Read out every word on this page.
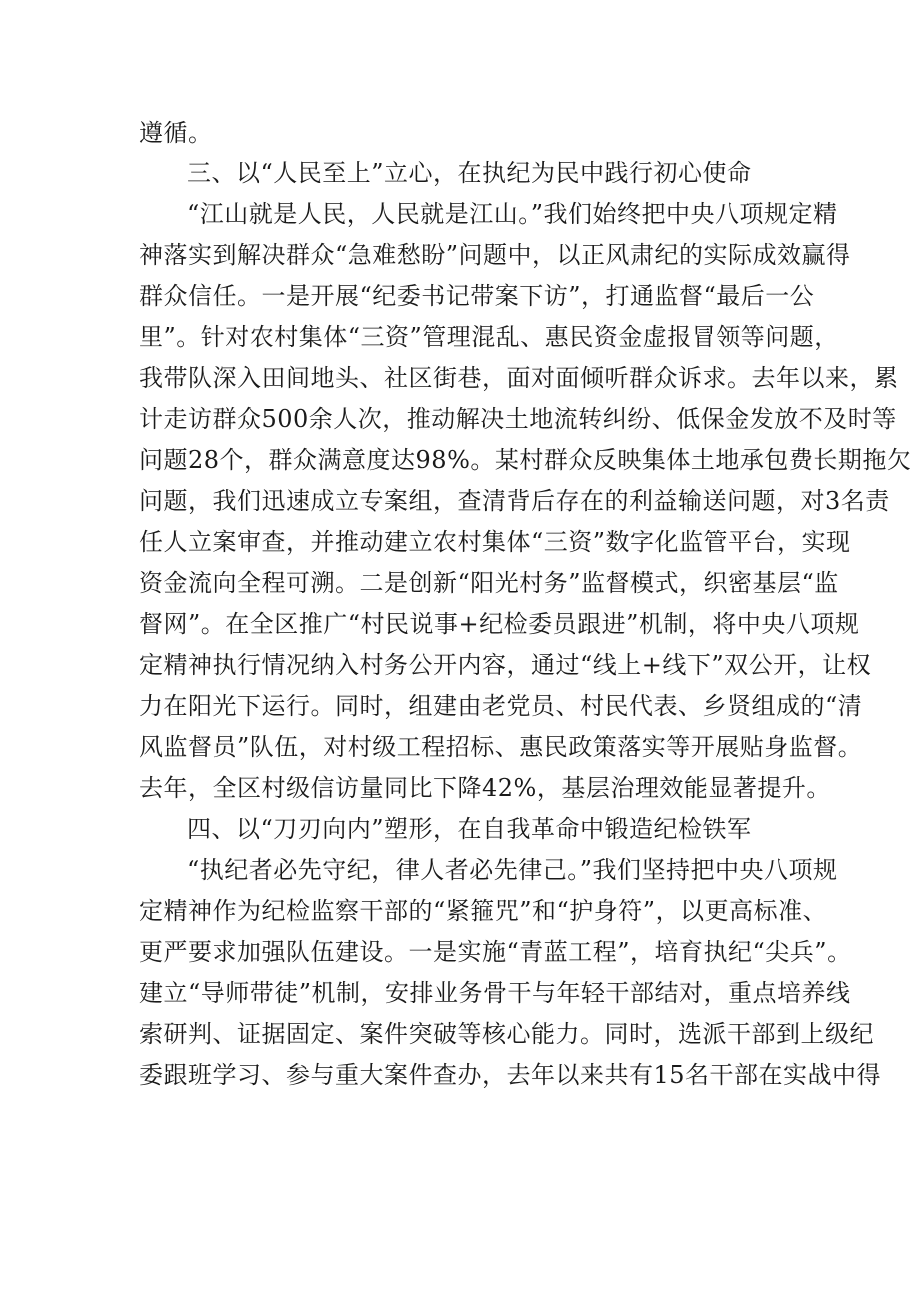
遵循。
三、以“人民至上”立心，在执纪为民中践行初心使命
“江山就是人民，人民就是江山。”我们始终把中央八项规定精
神落实到解决群众“急难愁盼”问题中，以正风肃纪的实际成效赢得
群众信任。一是开展“纪委书记带案下访”，打通监督“最后一公
里”。针对农村集体“三资”管理混乱、惠民资金虚报冒领等问题，
我带队深入田间地头、社区街巷，面对面倾听群众诉求。去年以来，累
计走访群众500余人次，推动解决土地流转纠纷、低保金发放不及时等
问题28个，群众满意度达98%。某村群众反映集体土地承包费长期拖欠
问题，我们迅速成立专案组，查清背后存在的利益输送问题，对3名责
任人立案审查，并推动建立农村集体“三资”数字化监管平台，实现
资金流向全程可溯。二是创新“阳光村务”监督模式，织密基层“监
督网”。在全区推广“村民说事+纪检委员跟进”机制，将中央八项规
定精神执行情况纳入村务公开内容，通过“线上+线下”双公开，让权
力在阳光下运行。同时，组建由老党员、村民代表、乡贤组成的“清
风监督员”队伍，对村级工程招标、惠民政策落实等开展贴身监督。
去年，全区村级信访量同比下降42%，基层治理效能显著提升。
四、以“刀刃向内”塑形，在自我革命中锻造纪检铁军
“执纪者必先守纪，律人者必先律己。”我们坚持把中央八项规
定精神作为纪检监察干部的“紧箍咒”和“护身符”，以更高标准、
更严要求加强队伍建设。一是实施“青蓝工程”，培育执纪“尖兵”。
建立“导师带徒”机制，安排业务骨干与年轻干部结对，重点培养线
索研判、证据固定、案件突破等核心能力。同时，选派干部到上级纪
委跟班学习、参与重大案件查办，去年以来共有15名干部在实战中得
